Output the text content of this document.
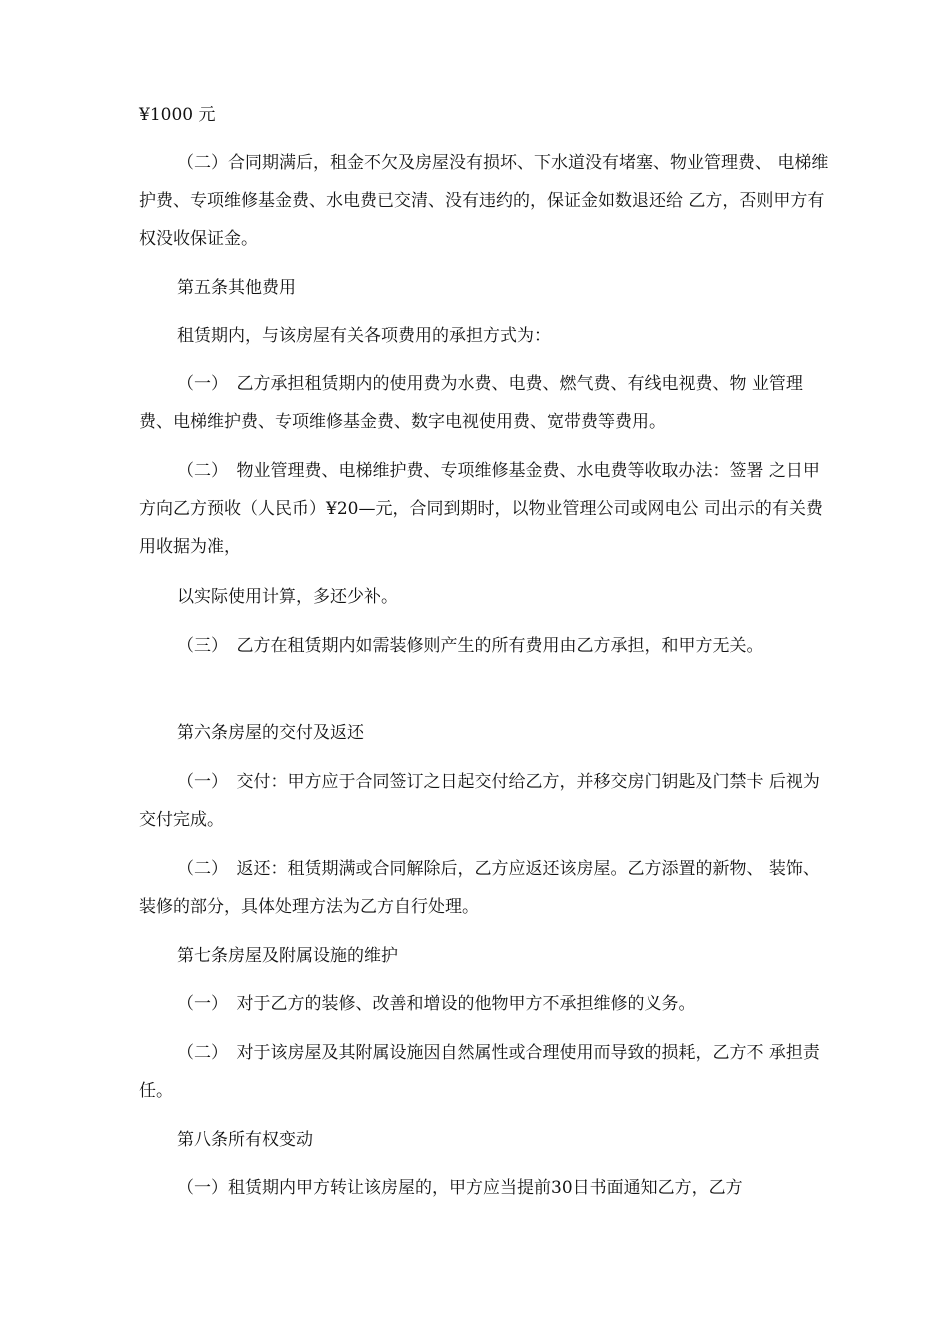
¥1000 元

（二）合同期满后，租金不欠及房屋没有损坏、下水道没有堵塞、物业管理费、 电梯维护费、专项维修基金费、水电费已交清、没有违约的，保证金如数退还给 乙方，否则甲方有权没收保证金。

第五条其他费用

租赁期内，与该房屋有关各项费用的承担方式为：

（一）　乙方承担租赁期内的使用费为水费、电费、燃气费、有线电视费、物 业管理费、电梯维护费、专项维修基金费、数字电视使用费、宽带费等费用。

（二）　物业管理费、电梯维护费、专项维修基金费、水电费等收取办法：签署 之日甲方向乙方预收（人民币）¥20—元，合同到期时，以物业管理公司或网电公 司出示的有关费用收据为准，

以实际使用计算，多还少补。

（三）　乙方在租赁期内如需装修则产生的所有费用由乙方承担，和甲方无关。

第六条房屋的交付及返还

（一）　交付：甲方应于合同签订之日起交付给乙方，并移交房门钥匙及门禁卡 后视为交付完成。

（二）　返还：租赁期满或合同解除后，乙方应返还该房屋。乙方添置的新物、 装饰、装修的部分，具体处理方法为乙方自行处理。

第七条房屋及附属设施的维护

（一）　对于乙方的装修、改善和增设的他物甲方不承担维修的义务。

（二）　对于该房屋及其附属设施因自然属性或合理使用而导致的损耗，乙方不 承担责任。

第八条所有权变动

（一）租赁期内甲方转让该房屋的，甲方应当提前30日书面通知乙方，乙方
